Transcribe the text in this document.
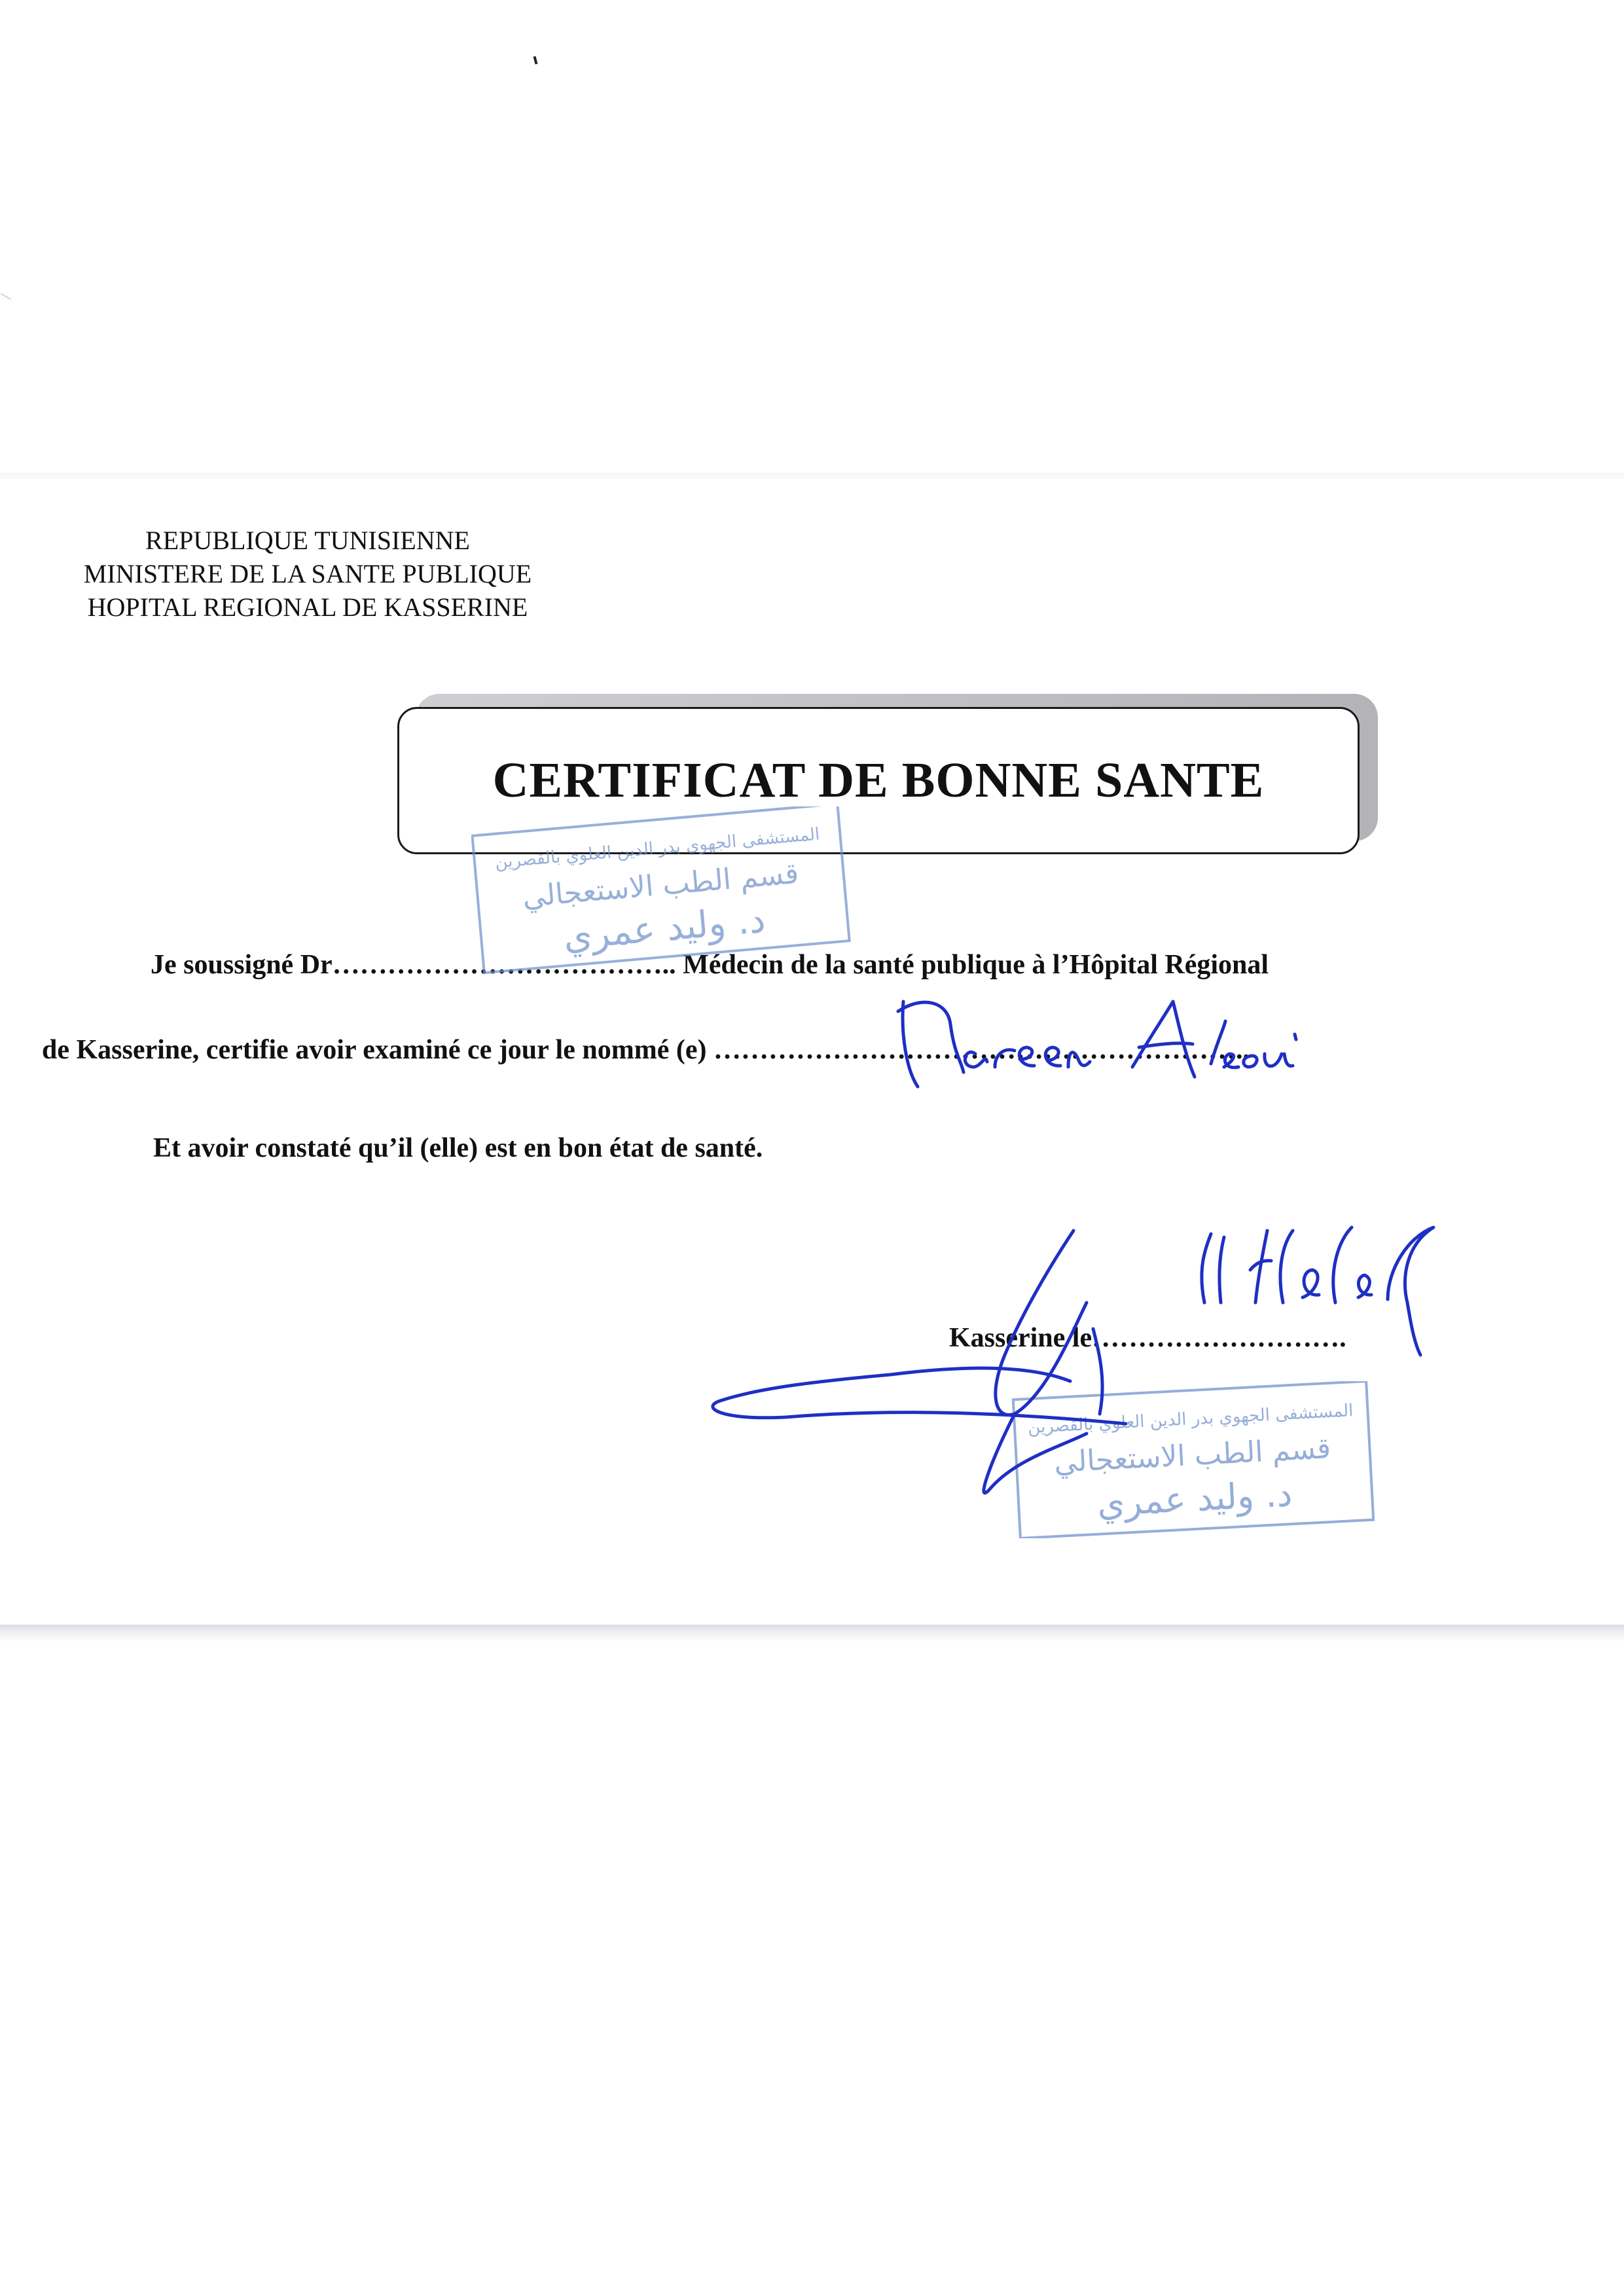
REPUBLIQUE TUNISIENNE
MINISTERE DE LA SANTE PUBLIQUE
HOPITAL REGIONAL DE KASSERINE
CERTIFICAT DE BONNE SANTE
Je soussigné Dr……………………………….. Médecin de la santé publique à l’Hôpital Régional
de Kasserine, certifie avoir examiné ce jour le nommé (e) …………………………………………………..
Et avoir constaté qu’il (elle) est en bon état de santé.
Kasserine le……………………….
المستشفى الجهوي بدر الدين العلوي بالقصرين
قسم الطب الاستعجالي
د. وليد عمري
المستشفى الجهوي بدر الدين العلوي بالقصرين
قسم الطب الاستعجالي
د. وليد عمري
